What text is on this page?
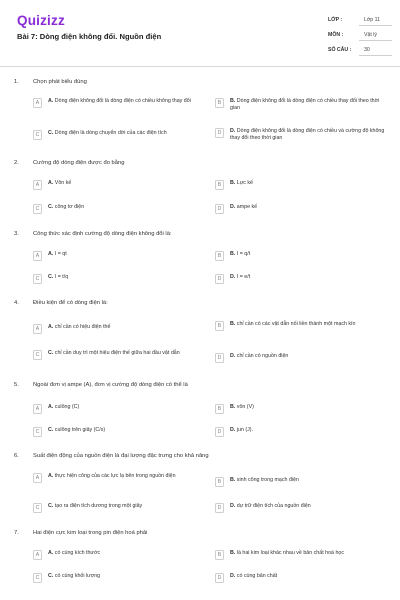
Quizizz
Bài 7: Dòng điện không đổi. Nguồn điện
LỚP :	Lớp 11
MÔN :	Vật lý
SỐ CÂU : 30
1. Chọn phát biểu đúng
A	A. Dòng điện không đổi là dòng điện có chiều không thay đổi	B	B. Dòng điện không đổi là dòng điện có chiều thay đổi theo thời gian
C	C. Dòng điện là dòng chuyển dời của các điện tích	D	D. Dòng điện không đổi là dòng điện có chiều và cường độ không thay đổi theo thời gian
2. Cường độ dòng điện được đo bằng
A	A. Vôn kế	B	B. Lực kế
C	C. công tơ điện	D	D. ampe kế
3. Công thức xác định cường độ dòng điện không đổi là:
A	A. I = qt	B	B. I = q/t
C	C. I = t/q	D	D. I = e/t
4. Điều kiện để có dòng điện là:
A	A. chỉ cần có hiệu điện thế	B	B. chỉ cần có các vật dẫn nối liền thành một mạch kín
C	C. chỉ cần duy trì một hiệu điện thế giữa hai đầu vật dẫn
D	D. chỉ cần có nguồn điện
5. Ngoài đơn vị ampe (A), đơn vị cường độ dòng điện có thể là
A	A. culông (C)	B	B. vôn (V)
C	C. culông trên giây (C/s)	D	D. jun (J).
6. Suất điện động của nguồn điện là đại lượng đặc trưng cho khả năng
A	A. thực hiện công của các lực lạ bên trong nguồn điện
B	B. sinh công trong mạch điện
C	C. tạo ra điện tích dương trong một giây	D	D. dự trữ điện tích của nguồn điện
7. Hai điện cực kim loại trong pin điện hoá phải
A	A. có cùng kích thước	B	B. là hai kim loại khác nhau về bản chất hoá học
C	C. có cùng khối lượng	D	D. có cùng bản chất
